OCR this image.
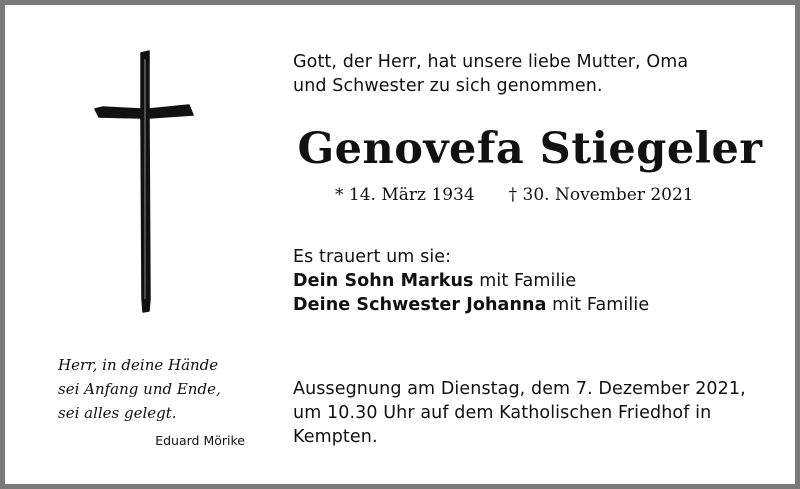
Gott, der Herr, hat unsere liebe Mutter, Oma

und Schwester zu sich genommen.

Genovefa Stiegeler
* 14. März 1934 † 30. November 2021

Es trauert um sie:

Dein Sohn Markus mit Familie

Deine Schwester Johanna mit Familie

Herr, in deine Hände

sei Anfang und Ende,

sei alles gelegt.

Eduard Mörike

Aussegnung am Dienstag, dem 7. Dezember 2021,

um 10.30 Uhr auf dem Katholischen Friedhof in

Kempten.
